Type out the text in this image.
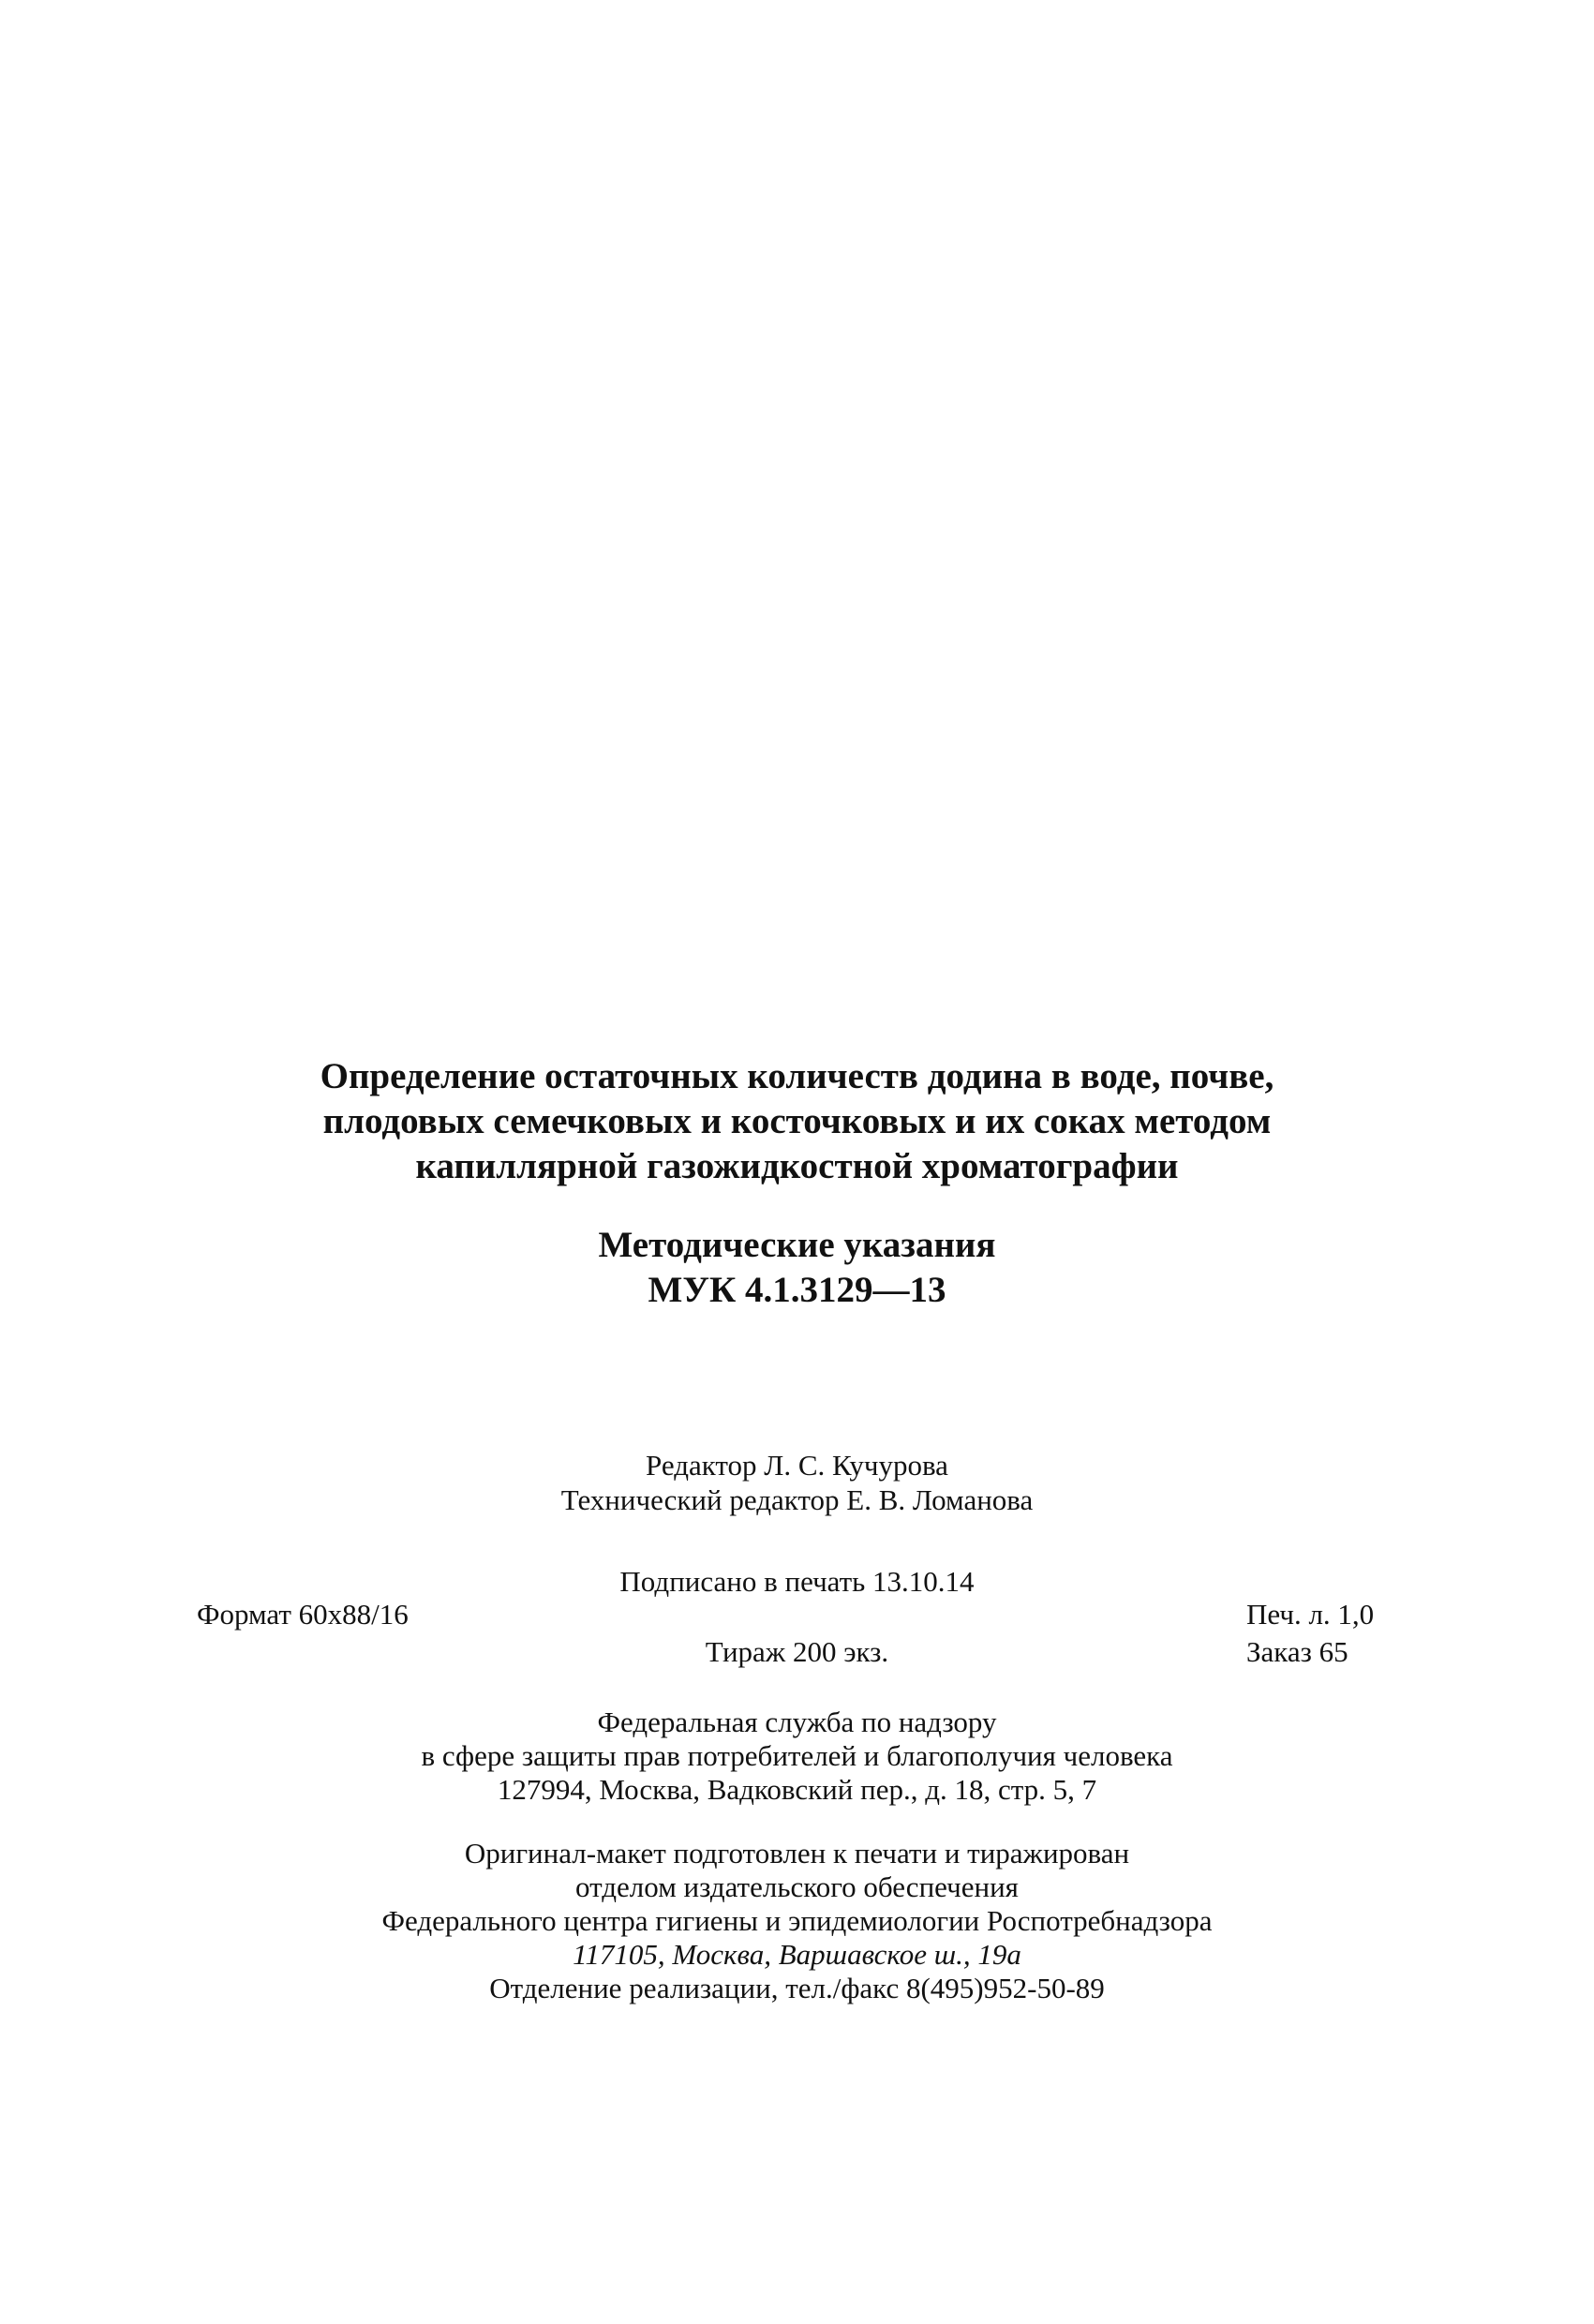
Определение остаточных количеств додина в воде, почве,
плодовых семечковых и косточковых и их соках методом
капиллярной газожидкостной хроматографии
Методические указания
МУК 4.1.3129—13
Редактор Л. С. Кучурова
Технический редактор Е. В. Ломанова
Подписано в печать 13.10.14
Формат 60x88/16	Печ. л. 1,0
Тираж 200 экз.	Заказ 65
Федеральная служба по надзору
в сфере защиты прав потребителей и благополучия человека
127994, Москва, Вадковский пер., д. 18, стр. 5, 7
Оригинал-макет подготовлен к печати и тиражирован
отделом издательского обеспечения
Федерального центра гигиены и эпидемиологии Роспотребнадзора
117105, Москва, Варшавское ш., 19а
Отделение реализации, тел./факс 8(495)952-50-89
